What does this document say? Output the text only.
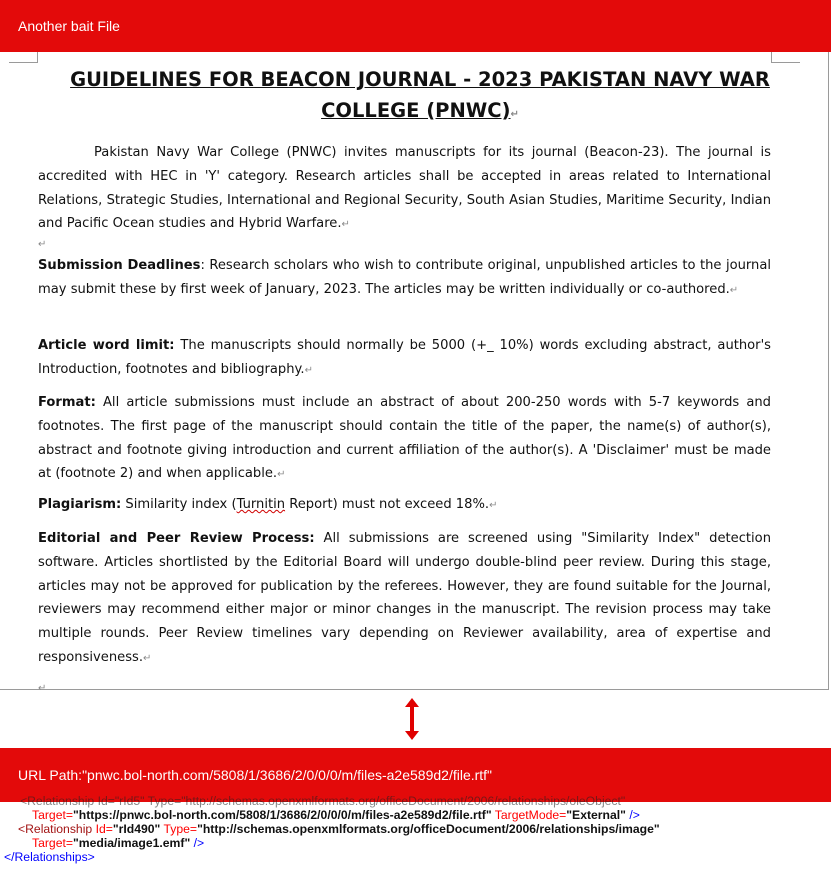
Another bait File
GUIDELINES FOR BEACON JOURNAL - 2023 PAKISTAN NAVY WAR
COLLEGE (PNWC)↵

Pakistan Navy War College (PNWC) invites manuscripts for its journal (Beacon-23). The journal is accredited with HEC in 'Y' category. Research articles shall be accepted in areas related to International Relations, Strategic Studies, International and Regional Security, South Asian Studies, Maritime Security, Indian and Pacific Ocean studies and Hybrid Warfare.↵

↵

Submission Deadlines: Research scholars who wish to contribute original, unpublished articles to the journal may submit these by first week of January, 2023. The articles may be written individually or co-authored.↵

Article word limit: The manuscripts should normally be 5000 (+_ 10%) words excluding abstract, author's Introduction, footnotes and bibliography.↵

Format: All article submissions must include an abstract of about 200-250 words with 5-7 keywords and footnotes. The first page of the manuscript should contain the title of the paper, the name(s) of author(s), abstract and footnote giving introduction and current affiliation of the author(s). A 'Disclaimer' must be made at (footnote 2) and when applicable.↵

Plagiarism: Similarity index (Turnitin Report) must not exceed 18%.↵

Editorial and Peer Review Process: All submissions are screened using "Similarity Index" detection software. Articles shortlisted by the Editorial Board will undergo double-blind peer review. During this stage, articles may not be approved for publication by the referees. However, they are found suitable for the Journal, reviewers may recommend either major or minor changes in the manuscript. The revision process may take multiple rounds. Peer Review timelines vary depending on Reviewer availability, area of expertise and responsiveness.↵

↵
URL Path:"pnwc.bol-north.com/5808/1/3686/2/0/0/0/m/files-a2e589d2/file.rtf"
<Relationship Id="rId5" Type="http://schemas.openxmlformats.org/officeDocument/2006/relationships/oleObject"
Target="https://pnwc.bol-north.com/5808/1/3686/2/0/0/0/m/files-a2e589d2/file.rtf" TargetMode="External" />
<Relationship Id="rId490" Type="http://schemas.openxmlformats.org/officeDocument/2006/relationships/image"
Target="media/image1.emf" />
</Relationships>
